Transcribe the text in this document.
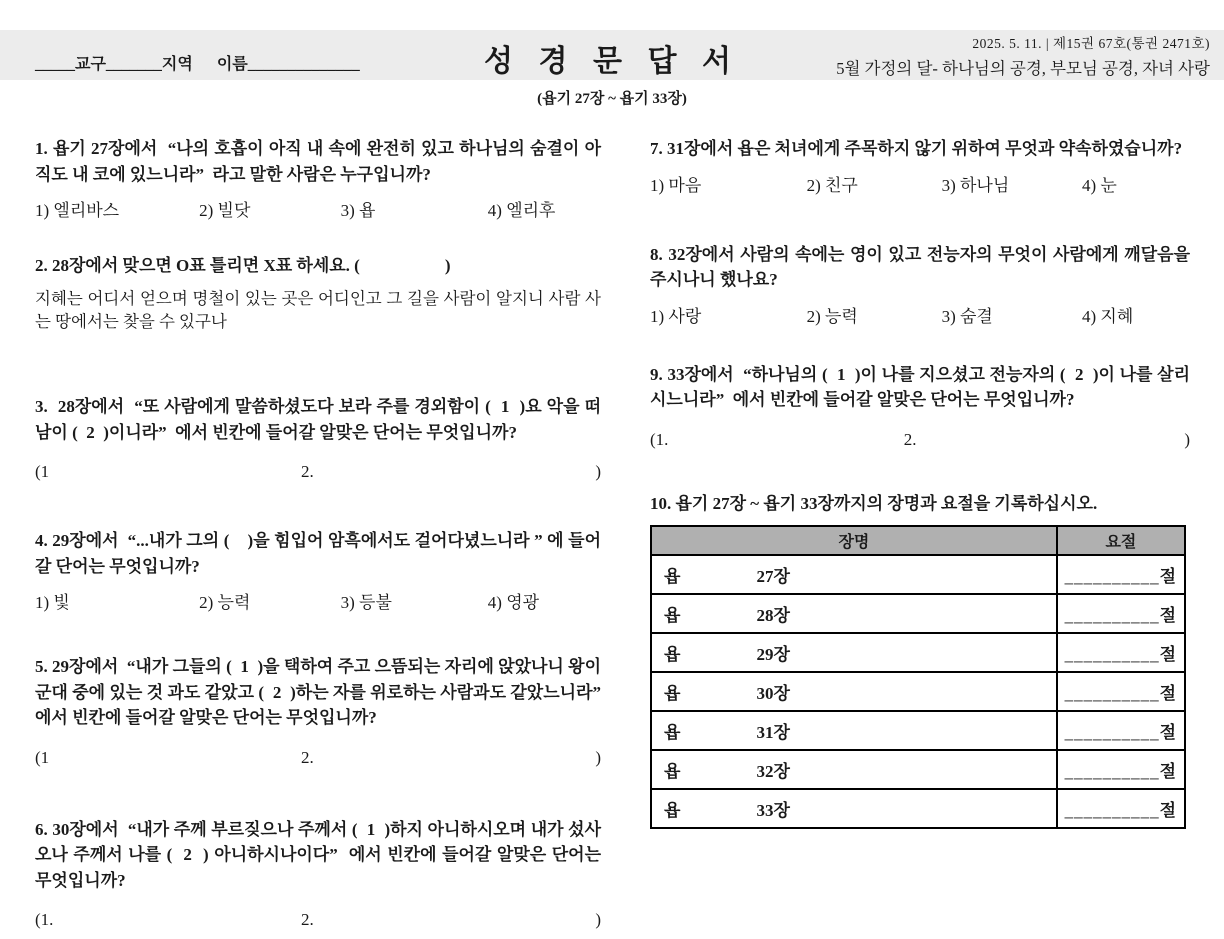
_____교구_______지역      이름______________	성 경 문 답 서
2025. 5. 11. | 제15권 67호(통권 2471호)
5월 가정의 달- 하나님의 공경, 부모님 공경, 자녀 사랑
(욥기 27장 ~ 욥기 33장)

1. 욥기 27장에서  “나의 호흡이 아직 내 속에 완전히 있고 하나님의 숨결이 아직도 내 코에 있느니라”  라고 말한 사람은 누구입니까?

1) 엘리바스	2) 빌닷	3) 욥	4) 엘리후

2. 28장에서 맞으면 O표 틀리면 X표 하세요. (                    )

지혜는 어디서 얻으며 명철이 있는 곳은 어디인고 그 길을 사람이 알지니 사람 사는 땅에서는 찾을 수 있구나

3.  28장에서  “또 사람에게 말씀하셨도다 보라 주를 경외함이 (  1  )요 악을 떠남이 (  2  )이니라”  에서 빈칸에 들어갈 알맞은 단어는 무엇입니까?

(1	2.	)

4. 29장에서  “...내가 그의 (    )을 힘입어 암흑에서도 걸어다녔느니라 ” 에 들어갈 단어는 무엇입니까?

1) 빛	2) 능력	3) 등불	4) 영광

5. 29장에서  “내가 그들의 (  1  )을 택하여 주고 으뜸되는 자리에 앉았나니 왕이 군대 중에 있는 것 과도 같았고 (  2  )하는 자를 위로하는 사람과도 같았느니라”  에서 빈칸에 들어갈 알맞은 단어는 무엇입니까?

(1	2.	)

6. 30장에서  “내가 주께 부르짖으나 주께서 (  1  )하지 아니하시오며 내가 섰사오나 주께서 나를 (  2  ) 아니하시나이다”  에서 빈칸에 들어갈 알맞은 단어는 무엇입니까?

(1.	2.	)

7. 31장에서 욥은 처녀에게 주목하지 않기 위하여 무엇과 약속하였습니까?

1) 마음	2) 친구	3) 하나님	4) 눈

8. 32장에서 사람의 속에는 영이 있고 전능자의 무엇이 사람에게 깨달음을 주시나니 했나요?

1) 사랑	2) 능력	3) 숨결	4) 지혜

9. 33장에서  “하나님의 (  1  )이 나를 지으셨고 전능자의 (  2  )이 나를 살리시느니라”  에서 빈칸에 들어갈 알맞은 단어는 무엇입니까?

(1.	2.	)

10. 욥기 27장 ~ 욥기 33장까지의 장명과 요절을 기록하십시오.

장명	요절
욥 27장	__________절
욥 28장	__________절
욥 29장	__________절
욥 30장	__________절
욥 31장	__________절
욥 32장	__________절
욥 33장	__________절
